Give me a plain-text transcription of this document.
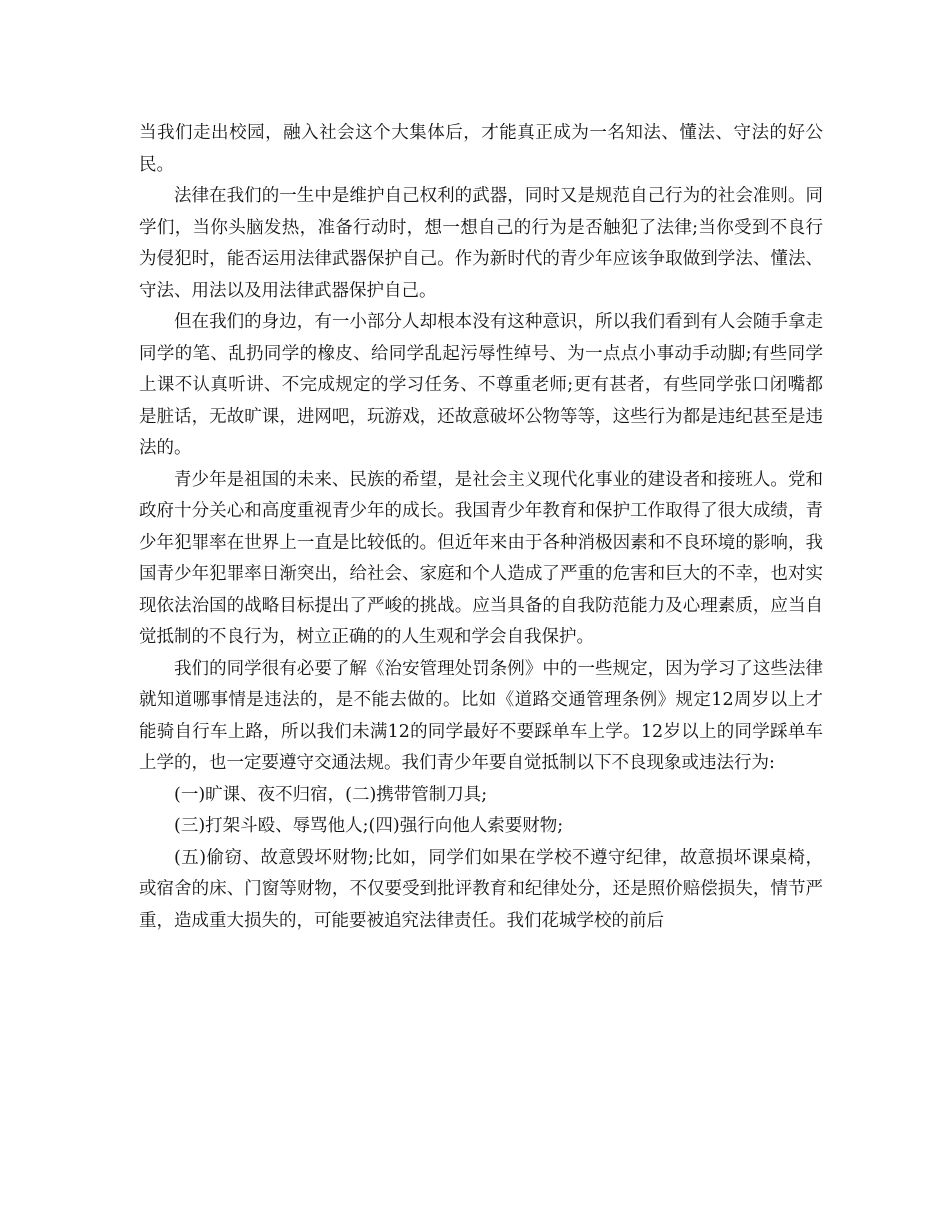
当我们走出校园，融入社会这个大集体后，才能真正成为一名知法、懂法、守法的好公民。

法律在我们的一生中是维护自己权利的武器，同时又是规范自己行为的社会准则。同学们，当你头脑发热，准备行动时，想一想自己的行为是否触犯了法律;当你受到不良行为侵犯时，能否运用法律武器保护自己。作为新时代的青少年应该争取做到学法、懂法、守法、用法以及用法律武器保护自己。

但在我们的身边，有一小部分人却根本没有这种意识，所以我们看到有人会随手拿走同学的笔、乱扔同学的橡皮、给同学乱起污辱性绰号、为一点点小事动手动脚;有些同学上课不认真听讲、不完成规定的学习任务、不尊重老师;更有甚者，有些同学张口闭嘴都是脏话，无故旷课，进网吧，玩游戏，还故意破坏公物等等，这些行为都是违纪甚至是违法的。

青少年是祖国的未来、民族的希望，是社会主义现代化事业的建设者和接班人。党和政府十分关心和高度重视青少年的成长。我国青少年教育和保护工作取得了很大成绩，青少年犯罪率在世界上一直是比较低的。但近年来由于各种消极因素和不良环境的影响，我国青少年犯罪率日渐突出，给社会、家庭和个人造成了严重的危害和巨大的不幸，也对实现依法治国的战略目标提出了严峻的挑战。应当具备的自我防范能力及心理素质，应当自觉抵制的不良行为，树立正确的的人生观和学会自我保护。

我们的同学很有必要了解《治安管理处罚条例》中的一些规定，因为学习了这些法律就知道哪事情是违法的，是不能去做的。比如《道路交通管理条例》规定12周岁以上才能骑自行车上路，所以我们未满12的同学最好不要踩单车上学。12岁以上的同学踩单车上学的，也一定要遵守交通法规。我们青少年要自觉抵制以下不良现象或违法行为:

(一)旷课、夜不归宿，(二)携带管制刀具;

(三)打架斗殴、辱骂他人;(四)强行向他人索要财物;

(五)偷窃、故意毁坏财物;比如，同学们如果在学校不遵守纪律，故意损坏课桌椅，或宿舍的床、门窗等财物，不仅要受到批评教育和纪律处分，还是照价赔偿损失，情节严重，造成重大损失的，可能要被追究法律责任。我们花城学校的前后
